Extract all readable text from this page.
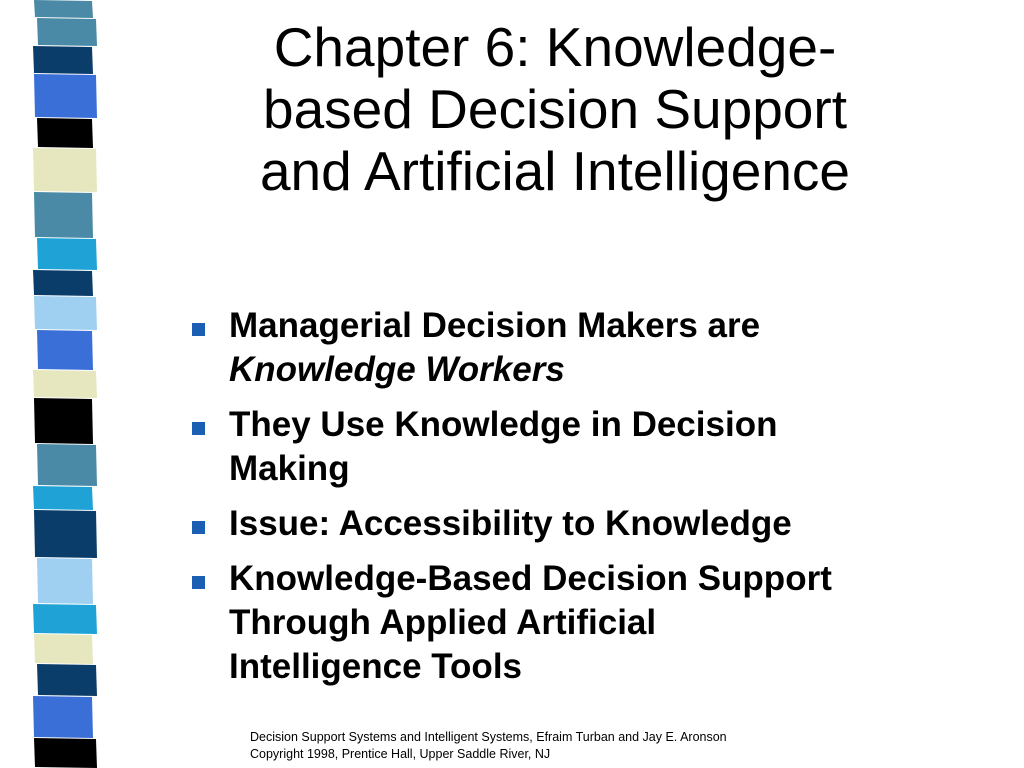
Chapter 6: Knowledge-
based Decision Support
and Artificial Intelligence
Managerial Decision Makers are
Knowledge Workers
They Use Knowledge in Decision
Making
Issue: Accessibility to Knowledge
Knowledge-Based Decision Support
Through Applied Artificial
Intelligence Tools
Decision Support Systems and Intelligent Systems, Efraim Turban and Jay E. Aronson
Copyright 1998, Prentice Hall, Upper Saddle River, NJ
